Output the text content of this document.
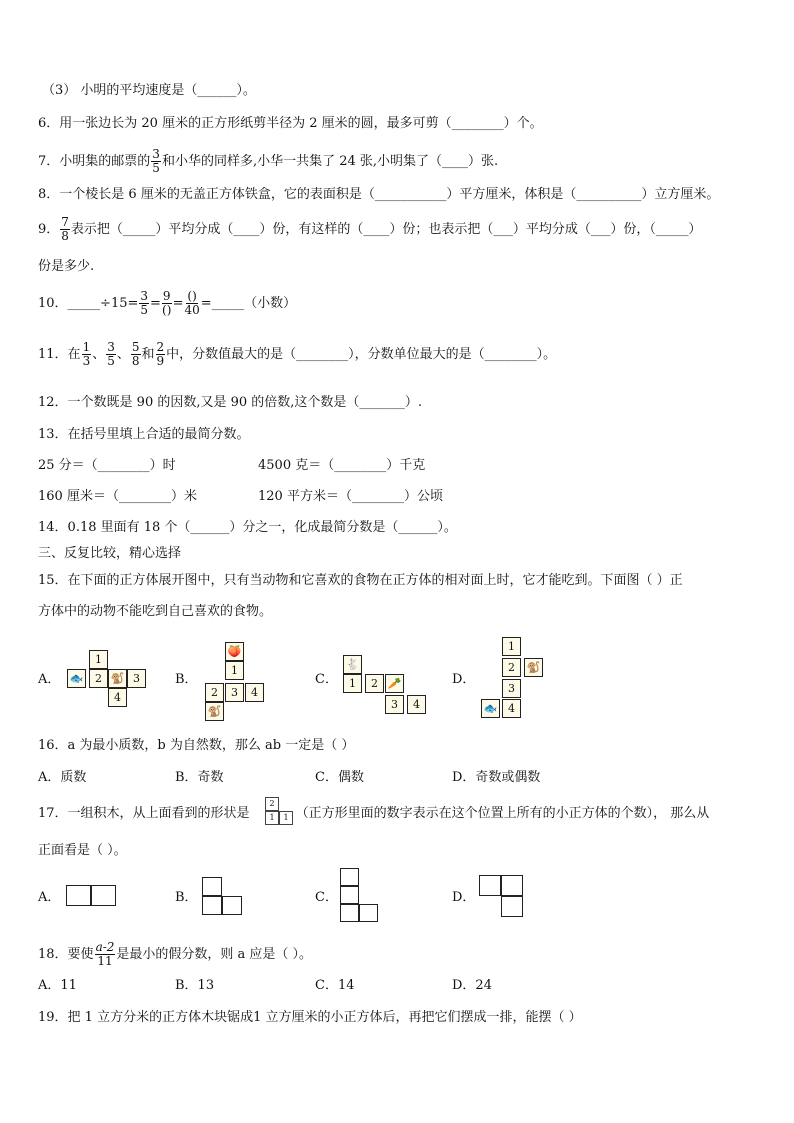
（3） 小明的平均速度是（______）。
6．用一张边长为 20 厘米的正方形纸剪半径为 2 厘米的圆，最多可剪（________）个。
7．小明集的邮票的 $\frac{3}{5}$ 和小华的同样多,小华一共集了 24 张,小明集了（____）张.
8．一个棱长是 6 厘米的无盖正方体铁盒，它的表面积是（___________）平方厘米，体积是（__________）立方厘米。
9． $\frac{7}{8}$ 表示把（_____）平均分成（____）份，有这样的（____）份；也表示把（___）平均分成（___）份，（_____）
份是多少.
10．_____÷15= $\frac{3}{5} = 9$
() = ()
40 =_____（小数）
11．在 $\frac{1}{3}$ 、 $\frac{3}{5}$ 、 $\frac{5}{8}$ 和 $\frac{2}{9}$ 中，分数值最大的是（________），分数单位最大的是（________）。
12．一个数既是 90 的因数,又是 90 的倍数,这个数是（_______）.
13．在括号里填上合适的最简分数。
25 分＝（________）时	4500 克＝（________）千克
160 厘米＝（________）米	120 平方米＝（________）公顷
14．0.18 里面有 18 个（______）分之一，化成最简分数是（______）。
三、反复比较，精心选择
15．在下面的正方体展开图中，只有当动物和它喜欢的食物在正方体的相对面上时，它才能吃到。下面图（ ）正
方体中的动物不能吃到自己喜欢的食物。
A．
1
🐟	2 🐒 3
4
B．
🍑
1
2	3	4
🐒
C．
🐇
1	2 🥕
3	4
D．
1
2	🐒
3
🐟 4
16．a 为最小质数，b 为自然数，那么 ab 一定是（ ）
A．质数	B．奇数	C．偶数	D．奇数或偶数
17．一组积木，从上面看到的形状是	（正方形里面的数字表示在这个位置上所有的小正方体的个数）， 那么从
2
1	1
正面看是（ ）。
A．	B．	C．	D．
18．要使 $\frac{a-2}{11}$ 是最小的假分数，则 a 应是（ ）。
A．11	B．13	C．14	D．24
19．把 1 立方分米的正方体木块锯成1 立方厘米的小正方体后，再把它们摆成一排，能摆（ ）
